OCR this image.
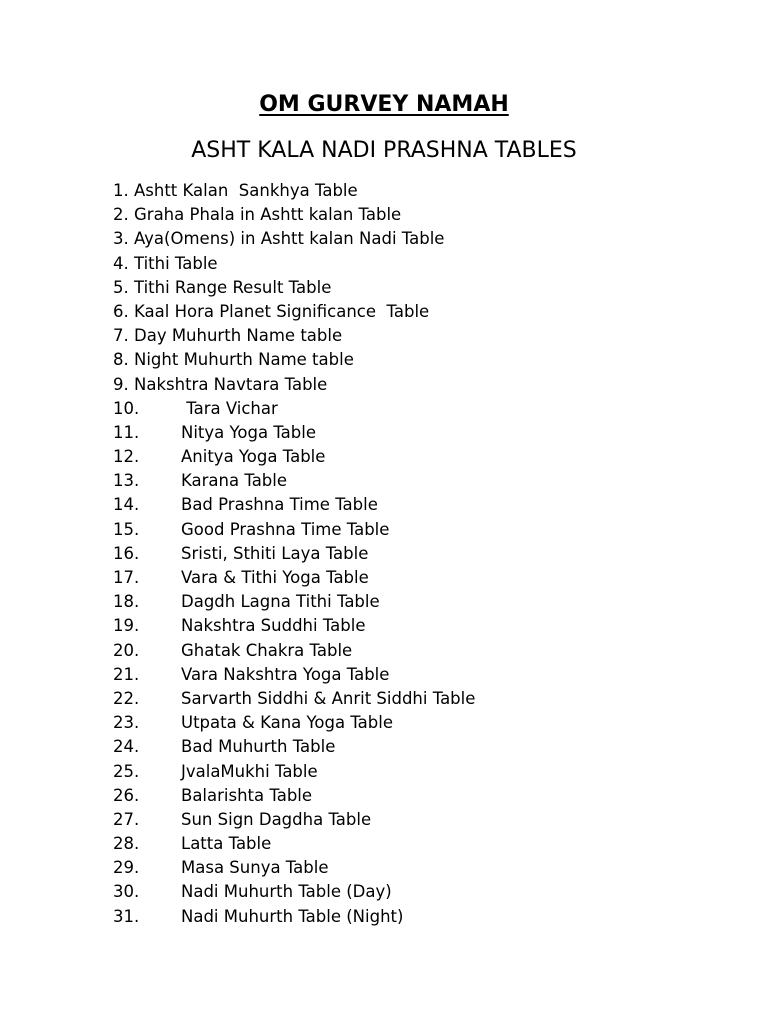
OM GURVEY NAMAH
ASHT KALA NADI PRASHNA TABLES
1. Ashtt Kalan  Sankhya Table
2. Graha Phala in Ashtt kalan Table
3. Aya(Omens) in Ashtt kalan Nadi Table
4. Tithi Table
5. Tithi Range Result Table
6. Kaal Hora Planet Significance  Table
7. Day Muhurth Name table
8. Night Muhurth Name table
9. Nakshtra Navtara Table
10.	Tara Vichar
11.	Nitya Yoga Table
12.	Anitya Yoga Table
13.	Karana Table
14.	Bad Prashna Time Table
15.	Good Prashna Time Table
16.	Sristi, Sthiti Laya Table
17.	Vara & Tithi Yoga Table
18.	Dagdh Lagna Tithi Table
19.	Nakshtra Suddhi Table
20.	Ghatak Chakra Table
21.	Vara Nakshtra Yoga Table
22.	Sarvarth Siddhi & Anrit Siddhi Table
23.	Utpata & Kana Yoga Table
24.	Bad Muhurth Table
25.	JvalaMukhi Table
26.	Balarishta Table
27.	Sun Sign Dagdha Table
28.	Latta Table
29.	Masa Sunya Table
30.	Nadi Muhurth Table (Day)
31.	Nadi Muhurth Table (Night)
